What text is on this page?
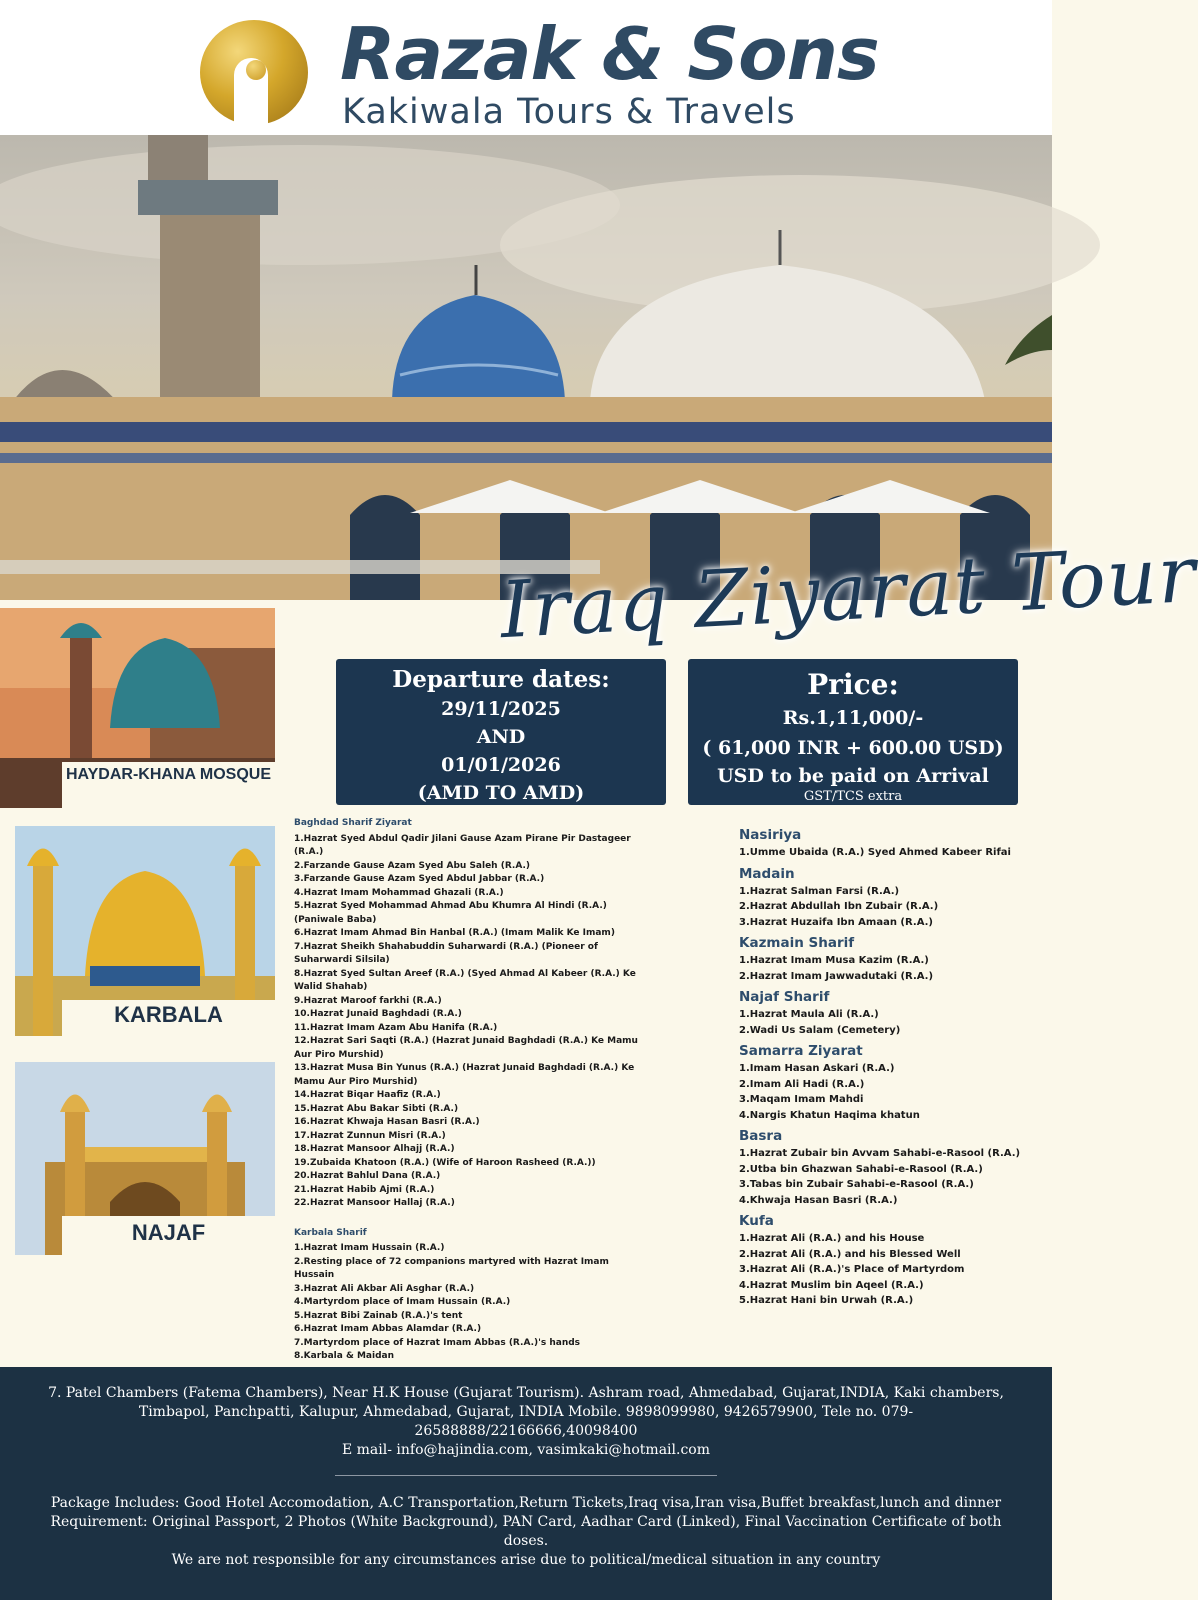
Razak & Sons
Kakiwala Tours & Travels
Iraq Ziyarat Tour
HAYDAR-KHANA MOSQUE
KARBALA
NAJAF
Departure dates:
29/11/2025
AND
01/01/2026
(AMD TO AMD)
Price:
Rs.1,11,000/-
( 61,000 INR + 600.00 USD)
USD to be paid on Arrival
GST/TCS extra
Baghdad Sharif Ziyarat
1.Hazrat Syed Abdul Qadir Jilani Gause Azam Pirane Pir Dastageer (R.A.)
2.Farzande Gause Azam Syed Abu Saleh (R.A.)
3.Farzande Gause Azam Syed Abdul Jabbar (R.A.)
4.Hazrat Imam Mohammad Ghazali (R.A.)
5.Hazrat Syed Mohammad Ahmad Abu Khumra Al Hindi (R.A.) (Paniwale Baba)
6.Hazrat Imam Ahmad Bin Hanbal (R.A.) (Imam Malik Ke Imam)
7.Hazrat Sheikh Shahabuddin Suharwardi (R.A.) (Pioneer of Suharwardi Silsila)
8.Hazrat Syed Sultan Areef (R.A.) (Syed Ahmad Al Kabeer (R.A.) Ke Walid Shahab)
9.Hazrat Maroof farkhi (R.A.)
10.Hazrat Junaid Baghdadi (R.A.)
11.Hazrat Imam Azam Abu Hanifa (R.A.)
12.Hazrat Sari Saqti (R.A.) (Hazrat Junaid Baghdadi (R.A.) Ke Mamu Aur Piro Murshid)
13.Hazrat Musa Bin Yunus (R.A.) (Hazrat Junaid Baghdadi (R.A.) Ke Mamu Aur Piro Murshid)
14.Hazrat Biqar Haafiz (R.A.)
15.Hazrat Abu Bakar Sibti (R.A.)
16.Hazrat Khwaja Hasan Basri (R.A.)
17.Hazrat Zunnun Misri (R.A.)
18.Hazrat Mansoor Alhajj (R.A.)
19.Zubaida Khatoon (R.A.) (Wife of Haroon Rasheed (R.A.))
20.Hazrat Bahlul Dana (R.A.)
21.Hazrat Habib Ajmi (R.A.)
22.Hazrat Mansoor Hallaj (R.A.)
Karbala Sharif
1.Hazrat Imam Hussain (R.A.)
2.Resting place of 72 companions martyred with Hazrat Imam Hussain
3.Hazrat Ali Akbar Ali Asghar (R.A.)
4.Martyrdom place of Imam Hussain (R.A.)
5.Hazrat Bibi Zainab (R.A.)'s tent
6.Hazrat Imam Abbas Alamdar (R.A.)
7.Martyrdom place of Hazrat Imam Abbas (R.A.)'s hands
8.Karbala & Maidan
Nasiriya
1.Umme Ubaida (R.A.) Syed Ahmed Kabeer Rifai
Madain
1.Hazrat Salman Farsi (R.A.)
2.Hazrat Abdullah Ibn Zubair (R.A.)
3.Hazrat Huzaifa Ibn Amaan (R.A.)
Kazmain Sharif
1.Hazrat Imam Musa Kazim (R.A.)
2.Hazrat Imam Jawwadutaki (R.A.)
Najaf Sharif
1.Hazrat Maula Ali (R.A.)
2.Wadi Us Salam (Cemetery)
Samarra Ziyarat
1.Imam Hasan Askari (R.A.)
2.Imam Ali Hadi (R.A.)
3.Maqam Imam Mahdi
4.Nargis Khatun Haqima khatun
Basra
1.Hazrat Zubair bin Avvam Sahabi-e-Rasool (R.A.)
2.Utba bin Ghazwan Sahabi-e-Rasool (R.A.)
3.Tabas bin Zubair Sahabi-e-Rasool (R.A.)
4.Khwaja Hasan Basri (R.A.)
Kufa
1.Hazrat Ali (R.A.) and his House
2.Hazrat Ali (R.A.) and his Blessed Well
3.Hazrat Ali (R.A.)'s Place of Martyrdom
4.Hazrat Muslim bin Aqeel (R.A.)
5.Hazrat Hani bin Urwah (R.A.)
7. Patel Chambers (Fatema Chambers), Near H.K House (Gujarat Tourism). Ashram road, Ahmedabad, Gujarat,INDIA, Kaki chambers, Timbapol, Panchpatti, Kalupur, Ahmedabad, Gujarat, INDIA Mobile. 9898099980, 9426579900, Tele no. 079-26588888/22166666,40098400
E mail- info@hajindia.com, vasimkaki@hotmail.com
Package Includes: Good Hotel Accomodation, A.C Transportation,Return Tickets,Iraq visa,Iran visa,Buffet breakfast,lunch and dinner
Requirement: Original Passport, 2 Photos (White Background), PAN Card, Aadhar Card (Linked), Final Vaccination Certificate of both doses.
We are not responsible for any circumstances arise due to political/medical situation in any country
